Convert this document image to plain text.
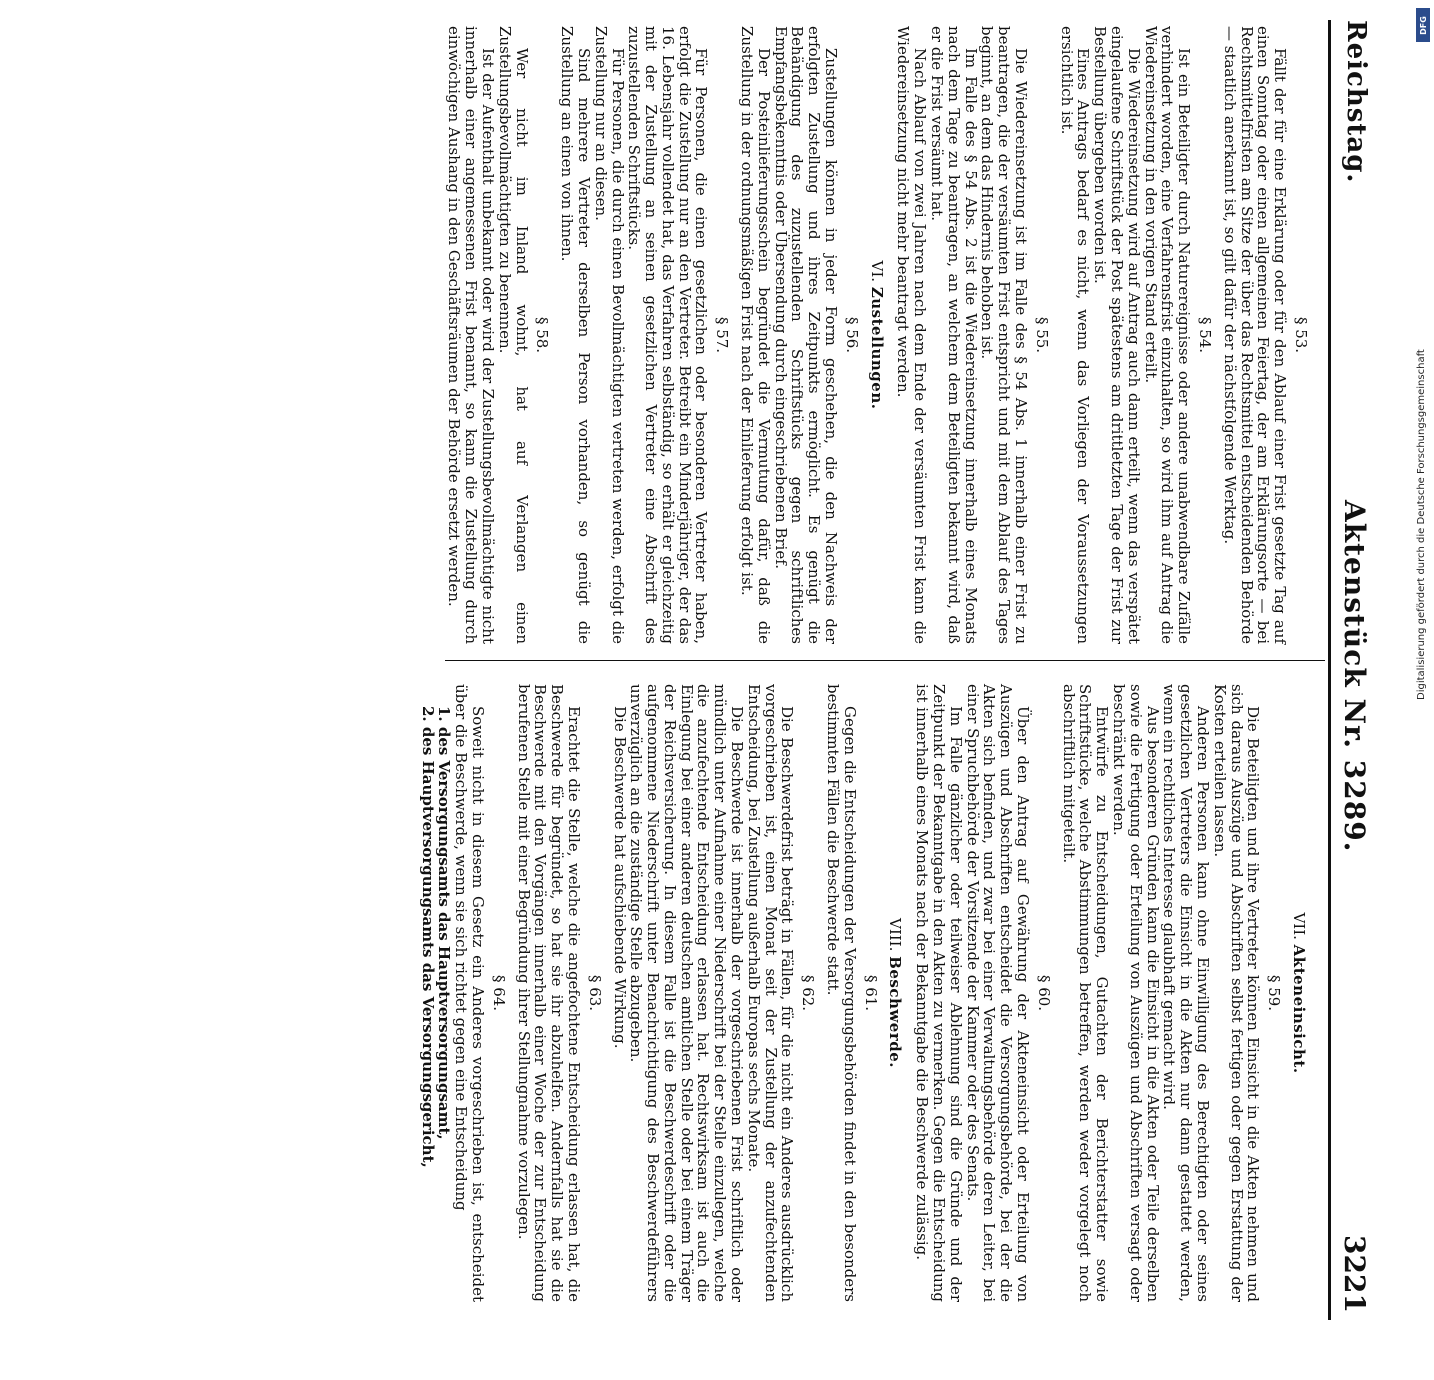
Reichstag.
Aktenstück Nr. 3289.
3221
§ 53.

Fällt der für eine Erklärung oder für den Ablauf einer Frist gesetzte Tag auf einen Sonntag oder einen allgemeinen Feiertag, der am Erklärungsorte — bei Rechtsmittelfristen am Sitze der über das Rechtsmittel entscheidenden Behörde — staatlich anerkannt ist, so gilt dafür der nächstfolgende Werktag.

§ 54.

Ist ein Beteiligter durch Naturereignisse oder andere unabwendbare Zufälle verhindert worden, eine Verfahrensfrist einzuhalten, so wird ihm auf Antrag die Wiedereinsetzung in den vorigen Stand erteilt.

Die Wiedereinsetzung wird auf Antrag auch dann erteilt, wenn das verspätet eingelaufene Schriftstück der Post spätestens am drittletzten Tage der Frist zur Bestellung übergeben worden ist.

Eines Antrags bedarf es nicht, wenn das Vorliegen der Voraussetzungen ersichtlich ist.

§ 55.

Die Wiedereinsetzung ist im Falle des § 54 Abs. 1 innerhalb einer Frist zu beantragen, die der versäumten Frist entspricht und mit dem Ablauf des Tages beginnt, an dem das Hindernis behoben ist.

Im Falle des § 54 Abs. 2 ist die Wiedereinsetzung innerhalb eines Monats nach dem Tage zu beantragen, an welchem dem Beteiligten bekannt wird, daß er die Frist versäumt hat.

Nach Ablauf von zwei Jahren nach dem Ende der versäumten Frist kann die Wiedereinsetzung nicht mehr beantragt werden.

VI. Zustellungen.
§ 56.

Zustellungen können in jeder Form geschehen, die den Nachweis der erfolgten Zustellung und ihres Zeitpunkts ermöglicht. Es genügt die Behändigung des zuzustellenden Schriftstücks gegen schriftliches Empfangsbekenntnis oder Übersendung durch eingeschriebenen Brief.

Der Posteinlieferungsschein begründet die Vermutung dafür, daß die Zustellung in der ordnungsmäßigen Frist nach der Einlieferung erfolgt ist.

§ 57.

Für Personen, die einen gesetzlichen oder besonderen Vertreter haben, erfolgt die Zustellung nur an den Vertreter. Betreibt ein Minderjähriger, der das 16. Lebensjahr vollendet hat, das Verfahren selbständig, so erhält er gleichzeitig mit der Zustellung an seinen gesetzlichen Vertreter eine Abschrift des zuzustellenden Schriftstücks.

Für Personen, die durch einen Bevollmächtigten vertreten werden, erfolgt die Zustellung nur an diesen.

Sind mehrere Vertreter derselben Person vorhanden, so genügt die Zustellung an einen von ihnen.

§ 58.

Wer nicht im Inland wohnt, hat auf Verlangen einen Zustellungsbevollmächtigten zu benennen.

Ist der Aufenthalt unbekannt oder wird der Zustellungsbevollmächtigte nicht innerhalb einer angemessenen Frist benannt, so kann die Zustellung durch einwöchigen Aushang in den Geschäftsräumen der Behörde ersetzt werden.

VII. Akteneinsicht.
§ 59.

Die Beteiligten und ihre Vertreter können Einsicht in die Akten nehmen und sich daraus Auszüge und Abschriften selbst fertigen oder gegen Erstattung der Kosten erteilen lassen.

Anderen Personen kann ohne Einwilligung des Berechtigten oder seines gesetzlichen Vertreters die Einsicht in die Akten nur dann gestattet werden, wenn ein rechtliches Interesse glaubhaft gemacht wird.

Aus besonderen Gründen kann die Einsicht in die Akten oder Teile derselben sowie die Fertigung oder Erteilung von Auszügen und Abschriften versagt oder beschränkt werden.

Entwürfe zu Entscheidungen, Gutachten der Berichterstatter sowie Schriftstücke, welche Abstimmungen betreffen, werden weder vorgelegt noch abschriftlich mitgeteilt.

§ 60.

Über den Antrag auf Gewährung der Akteneinsicht oder Erteilung von Auszügen und Abschriften entscheidet die Versorgungsbehörde, bei der die Akten sich befinden, und zwar bei einer Verwaltungsbehörde deren Leiter, bei einer Spruchbehörde der Vorsitzende der Kammer oder des Senats.

Im Falle gänzlicher oder teilweiser Ablehnung sind die Gründe und der Zeitpunkt der Bekanntgabe in den Akten zu vermerken. Gegen die Entscheidung ist innerhalb eines Monats nach der Bekanntgabe die Beschwerde zulässig.

VIII. Beschwerde.
§ 61.

Gegen die Entscheidungen der Versorgungsbehörden findet in den besonders bestimmten Fällen die Beschwerde statt.

§ 62.

Die Beschwerdefrist beträgt in Fällen, für die nicht ein Anderes ausdrücklich vorgeschrieben ist, einen Monat seit der Zustellung der anzufechtenden Entscheidung, bei Zustellung außerhalb Europas sechs Monate.

Die Beschwerde ist innerhalb der vorgeschriebenen Frist schriftlich oder mündlich unter Aufnahme einer Niederschrift bei der Stelle einzulegen, welche die anzufechtende Entscheidung erlassen hat. Rechtswirksam ist auch die Einlegung bei einer anderen deutschen amtlichen Stelle oder bei einem Träger der Reichsversicherung. In diesem Falle ist die Beschwerdeschrift oder die aufgenommene Niederschrift unter Benachrichtigung des Beschwerdeführers unverzüglich an die zuständige Stelle abzugeben.

Die Beschwerde hat aufschiebende Wirkung.

§ 63.

Erachtet die Stelle, welche die angefochtene Entscheidung erlassen hat, die Beschwerde für begründet, so hat sie ihr abzuhelfen. Andernfalls hat sie die Beschwerde mit den Vorgängen innerhalb einer Woche der zur Entscheidung berufenen Stelle mit einer Begründung ihrer Stellungnahme vorzulegen.

§ 64.

Soweit nicht in diesem Gesetz ein Anderes vorgeschrieben ist, entscheidet über die Beschwerde, wenn sie sich richtet gegen eine Entscheidung

1. des Versorgungsamts das Hauptversorgungsamt,

2. des Hauptversorgungsamts das Versorgungsgericht,

DFG
Digitalisierung gefördert durch die Deutsche Forschungsgemeinschaft
